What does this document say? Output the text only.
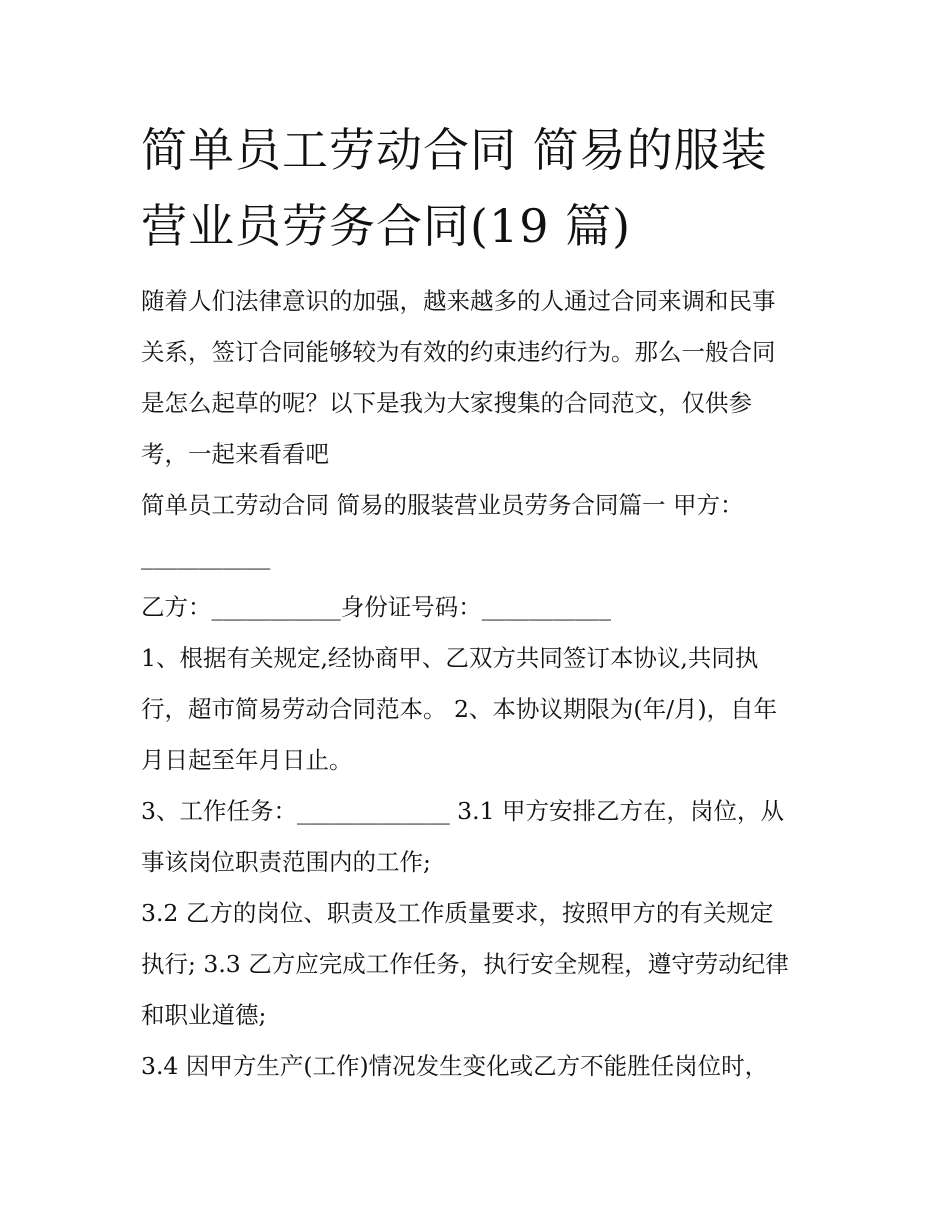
简单员工劳动合同 简易的服装
营业员劳务合同(19 篇)

随着人们法律意识的加强，越来越多的人通过合同来调和民事
关系，签订合同能够较为有效的约束违约行为。那么一般合同
是怎么起草的呢？以下是我为大家搜集的合同范文，仅供参
考，一起来看看吧

简单员工劳动合同 简易的服装营业员劳务合同篇一 甲方：
___________

乙方：___________身份证号码：___________

1、根据有关规定,经协商甲、乙双方共同签订本协议,共同执
行，超市简易劳动合同范本。 2、本协议期限为(年/月)，自年
月日起至年月日止。

3、工作任务：_____________ 3.1 甲方安排乙方在，岗位，从
事该岗位职责范围内的工作;

3.2 乙方的岗位、职责及工作质量要求，按照甲方的有关规定
执行; 3.3 乙方应完成工作任务，执行安全规程，遵守劳动纪律
和职业道德;

3.4 因甲方生产(工作)情况发生变化或乙方不能胜任岗位时，
